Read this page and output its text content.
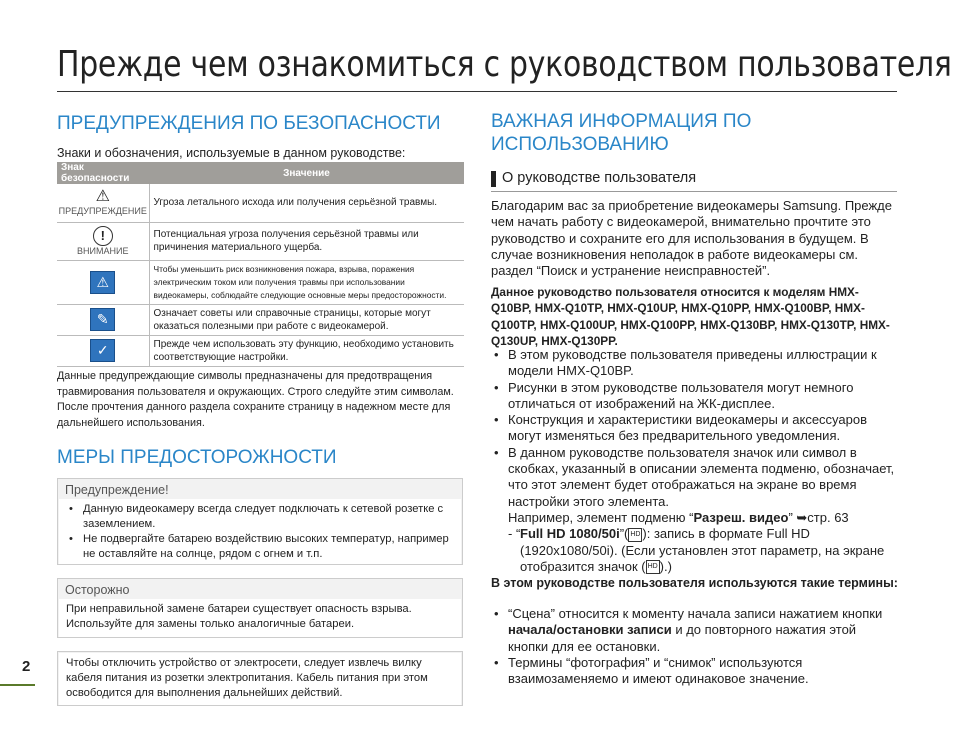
Прежде чем ознакомиться с руководством пользователя
ПРЕДУПРЕЖДЕНИЯ ПО БЕЗОПАСНОСТИ
Знаки и обозначения, используемые в данном руководстве:
Знак безопасности	Значение

⚠
ПРЕДУПРЕЖДЕНИЕ	Угроза летального исхода или получения серьёзной травмы.
!
ВНИМАНИЕ	Потенциальная угроза получения серьёзной травмы или причинения материального ущерба.
⚠	Чтобы уменьшить риск возникновения пожара, взрыва, поражения электрическим током или получения травмы при использовании видеокамеры, соблюдайте следующие основные меры предосторожности.
✎	Означает советы или справочные страницы, которые могут оказаться полезными при работе с видеокамерой.
✓	Прежде чем использовать эту функцию, необходимо установить соответствующие настройки.
Данные предупреждающие символы предназначены для предотвращения травмирования пользователя и окружающих. Строго следуйте этим символам. После прочтения данного раздела сохраните страницу в надежном месте для дальнейшего использования.
МЕРЫ ПРЕДОСТОРОЖНОСТИ
Предупреждение!
• Данную видеокамеру всегда следует подключать к сетевой розетке с заземлением.
• Не подвергайте батарею воздействию высоких температур, например не оставляйте на солнце, рядом с огнем и т.п.
Осторожно
При неправильной замене батареи существует опасность взрыва. Используйте для замены только аналогичные батареи.
Чтобы отключить устройство от электросети, следует извлечь вилку кабеля питания из розетки электропитания. Кабель питания при этом освободится для выполнения дальнейших действий.
2
ВАЖНАЯ ИНФОРМАЦИЯ ПО
ИСПОЛЬЗОВАНИЮ
О руководстве пользователя
Благодарим вас за приобретение видеокамеры Samsung. Прежде чем начать работу с видеокамерой, внимательно прочтите это руководство и сохраните его для использования в будущем. В случае возникновения неполадок в работе видеокамеры см. раздел “Поиск и устранение неисправностей”.
Данное руководство пользователя относится к моделям HMX-Q10BP, HMX-Q10TP, HMX-Q10UP, HMX-Q10PP, HMX-Q100BP, HMX-Q100TP, HMX-Q100UP, HMX-Q100PP, HMX-Q130BP, HMX-Q130TP, HMX-Q130UP, HMX-Q130PP.
• В этом руководстве пользователя приведены иллюстрации к модели HMX-Q10BP.
• Рисунки в этом руководстве пользователя могут немного отличаться от изображений на ЖК-дисплее.
• Конструкция и характеристики видеокамеры и аксессуаров могут изменяться без предварительного уведомления.
• В данном руководстве пользователя значок или символ в скобках, указанный в описании элемента подменю, обозначает, что этот элемент будет отображаться на экране во время настройки этого элемента.
Например, элемент подменю “Разреш. видео” ➥стр. 63
- “ Full HD 1080/50i”( HD ): запись в формате Full HD (1920x1080/50i). (Если установлен этот параметр, на экране отобразится значок ( HD ).)
В этом руководстве пользователя используются такие термины:
• “Сцена” относится к моменту начала записи нажатием кнопки начала/остановки записи и до повторного нажатия этой кнопки для ее остановки.
• Термины “фотография” и “снимок” используются взаимозаменяемо и имеют одинаковое значение.
